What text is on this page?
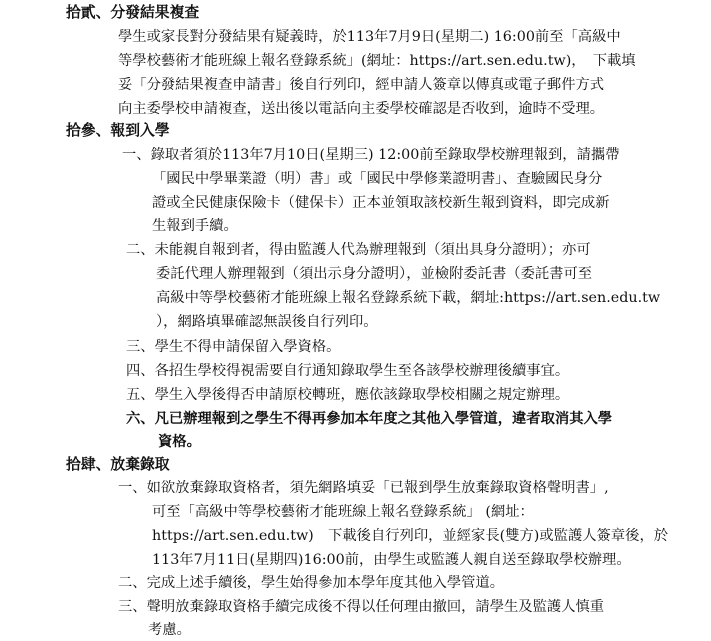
拾貳、分發結果複查
學生或家長對分發結果有疑義時，於113年7月9日(星期二) 16:00前至「高級中
等學校藝術才能班線上報名登錄系統」(網址：https://art.sen.edu.tw)，　下載填
妥「分發結果複查申請書」後自行列印，經申請人簽章以傳真或電子郵件方式
向主委學校申請複查，送出後以電話向主委學校確認是否收到，逾時不受理。
拾參、報到入學
一、錄取者須於113年7月10日(星期三) 12:00前至錄取學校辦理報到，請攜帶
「國民中學畢業證（明）書」或「國民中學修業證明書」、查驗國民身分
證或全民健康保險卡（健保卡）正本並領取該校新生報到資料，即完成新
生報到手續。
二、未能親自報到者，得由監護人代為辦理報到（須出具身分證明）；亦可
委託代理人辦理報到（須出示身分證明），並檢附委託書（委託書可至
高級中等學校藝術才能班線上報名登錄系統下載，網址:https://art.sen.edu.tw
），網路填畢確認無誤後自行列印。
三、學生不得申請保留入學資格。
四、各招生學校得視需要自行通知錄取學生至各該學校辦理後續事宜。
五、學生入學後得否申請原校轉班，應依該錄取學校相關之規定辦理。
六、凡已辦理報到之學生不得再參加本年度之其他入學管道，違者取消其入學
資格。
拾肆、放棄錄取
一、如欲放棄錄取資格者，須先網路填妥「已報到學生放棄錄取資格聲明書」,
可至「高級中等學校藝術才能班線上報名登錄系統」 (網址：
https://art.sen.edu.tw)　下載後自行列印，並經家長(雙方)或監護人簽章後，於
113年7月11日(星期四)16:00前，由學生或監護人親自送至錄取學校辦理。
二、完成上述手續後，學生始得參加本學年度其他入學管道。
三、聲明放棄錄取資格手續完成後不得以任何理由撤回，請學生及監護人慎重
考慮。
